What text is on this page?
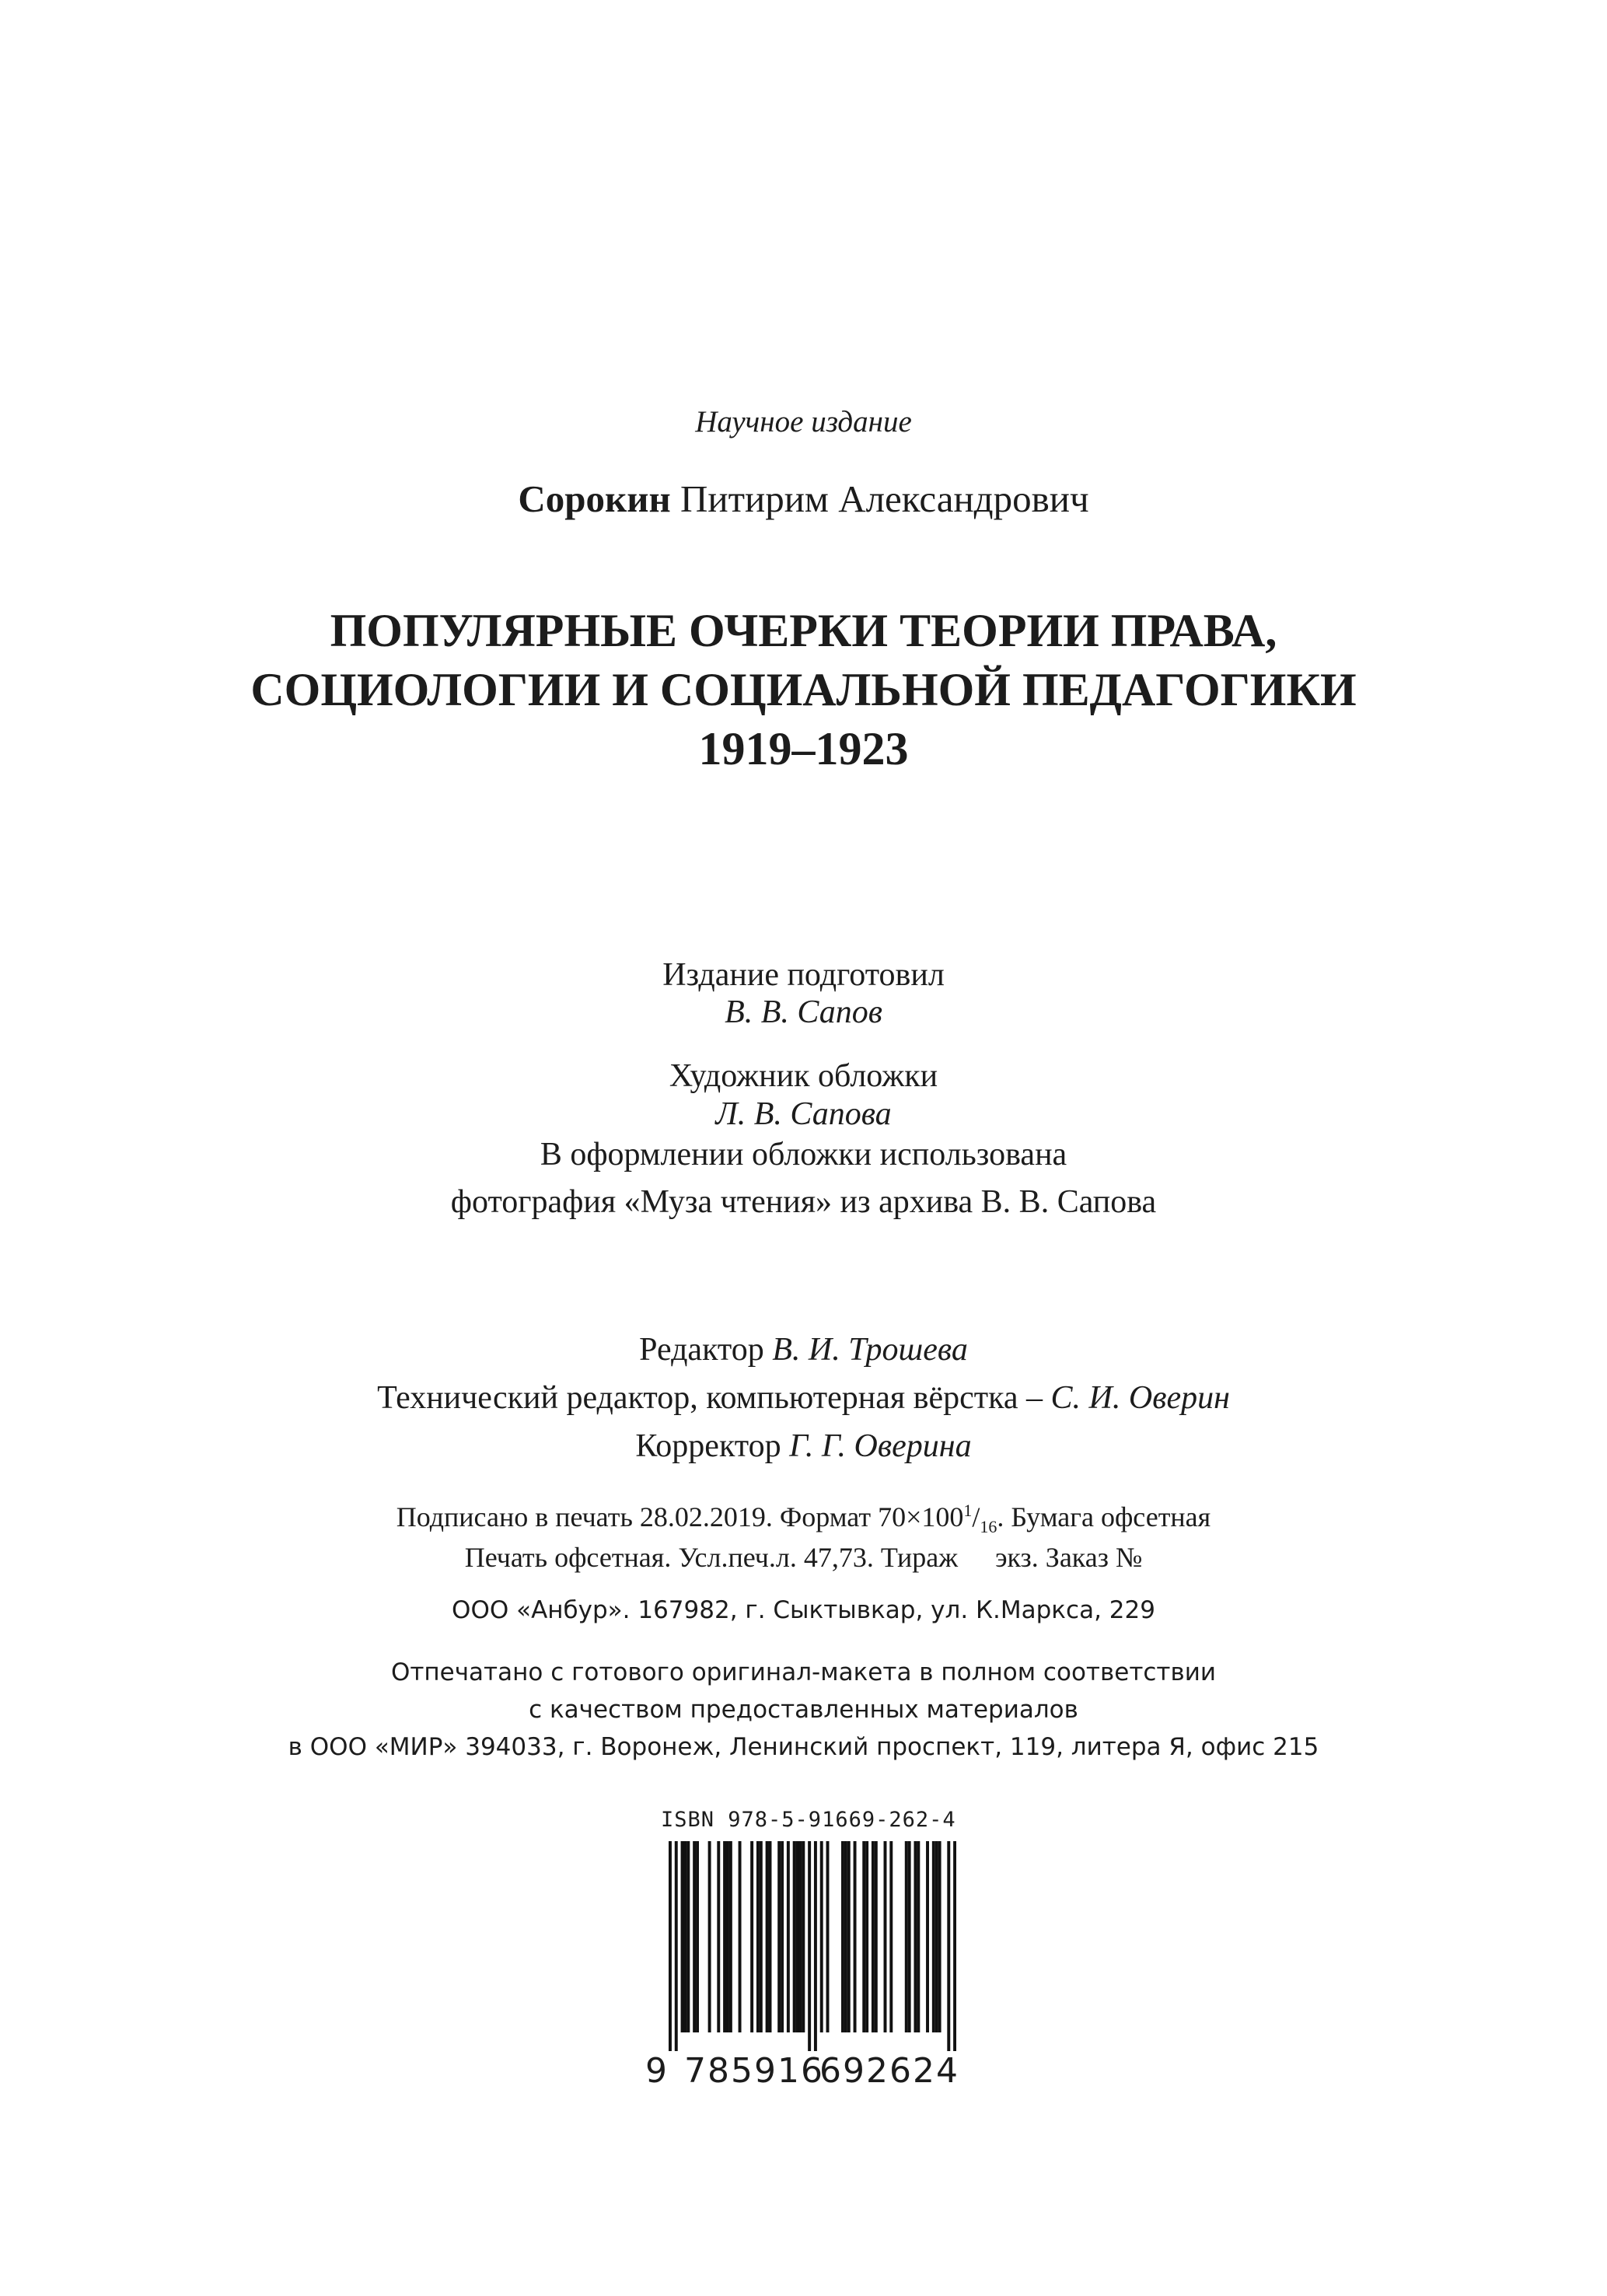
Научное издание
Сорокин Питирим Александрович
ПОПУЛЯРНЫЕ ОЧЕРКИ ТЕОРИИ ПРАВА,
СОЦИОЛОГИИ И СОЦИАЛЬНОЙ ПЕДАГОГИКИ
1919–1923
Издание подготовил
В. В. Сапов
Художник обложки
Л. В. Сапова
В оформлении обложки использована
фотография «Муза чтения» из архива В. В. Сапова
Редактор В. И. Трошева
Технический редактор, компьютерная вёрстка – С. И. Оверин
Корректор Г. Г. Оверина
Подписано в печать 28.02.2019. Формат $70\times 100^1/_{16}$. Бумага офсетная
Печать офсетная. Усл.печ.л. 47,73. Тираж экз. Заказ №
ООО «Анбур». 167982, г. Сыктывкар, ул. К.Маркса, 229
Отпечатано с готового оригинал-макета в полном соответствии
с качеством предоставленных материалов
в ООО «МИР» 394033, г. Воронеж, Ленинский проспект, 119, литера Я, офис 215
ISBN 978-5-91669-262-4
9 785916
692624
